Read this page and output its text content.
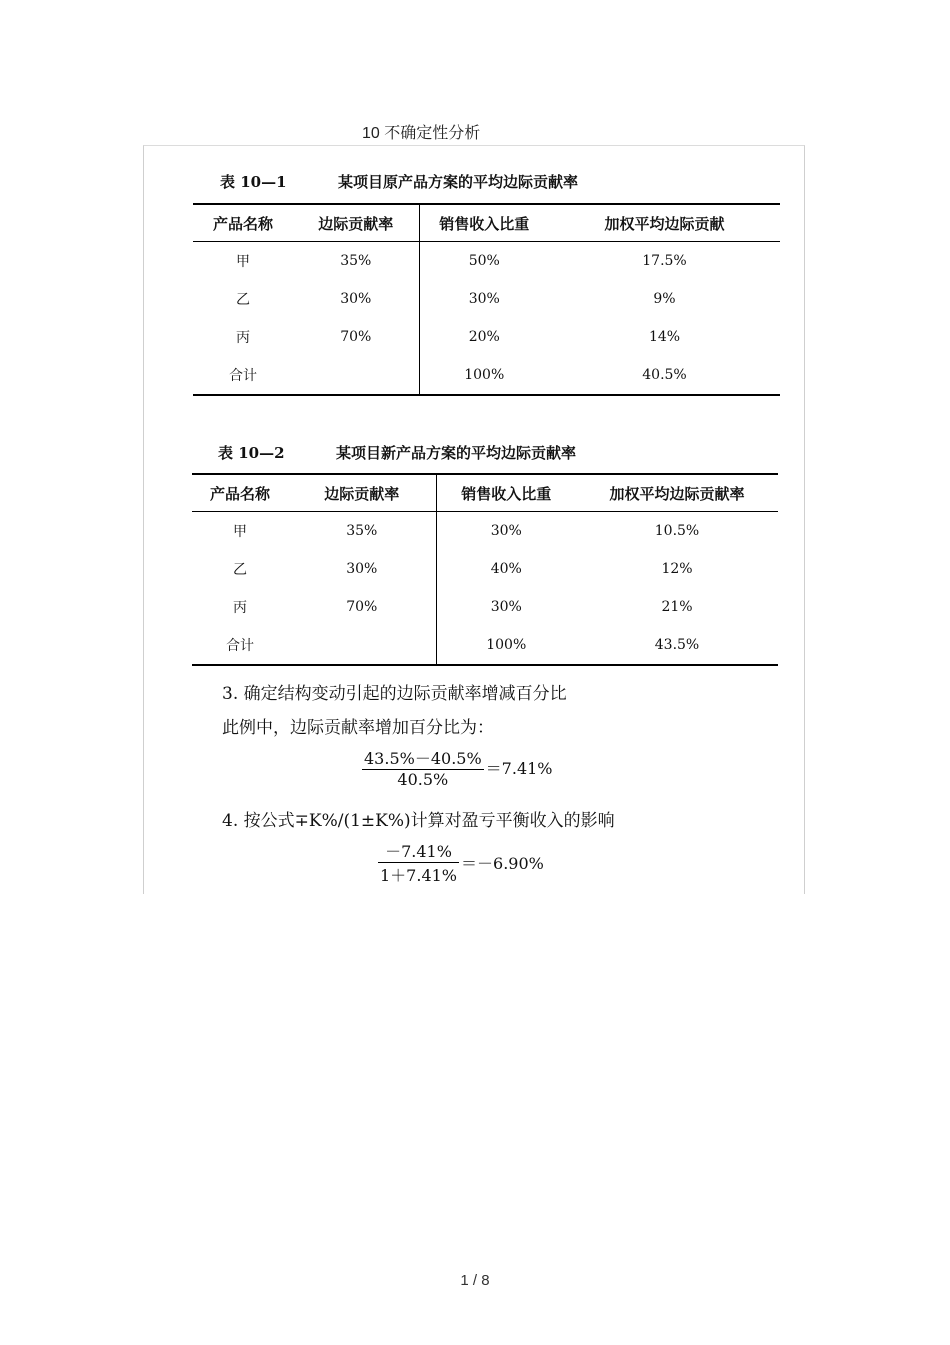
10 不确定性分析
表 10—1	某项目原产品方案的平均边际贡献率
产品名称	边际贡献率	销售收入比重	加权平均边际贡献
甲	35%	50%	17.5%
乙	30%	30%	9%
丙	70%	20%	14%
合计		100%	40.5%
表 10—2	某项目新产品方案的平均边际贡献率
产品名称	边际贡献率	销售收入比重	加权平均边际贡献率
甲	35%	30%	10.5%
乙	30%	40%	12%
丙	70%	30%	21%
合计		100%	43.5%
3. 确定结构变动引起的边际贡献率增减百分比
此例中，边际贡献率增加百分比为：
$\frac{43.5\%-40.5\%}{40.5\%} =7.41\%$
4. 按公式∓K%/(1±K%)计算对盈亏平衡收入的影响
$\frac{-7.41\%}{1+7.41\%} =-6.90\%$
1 / 8
